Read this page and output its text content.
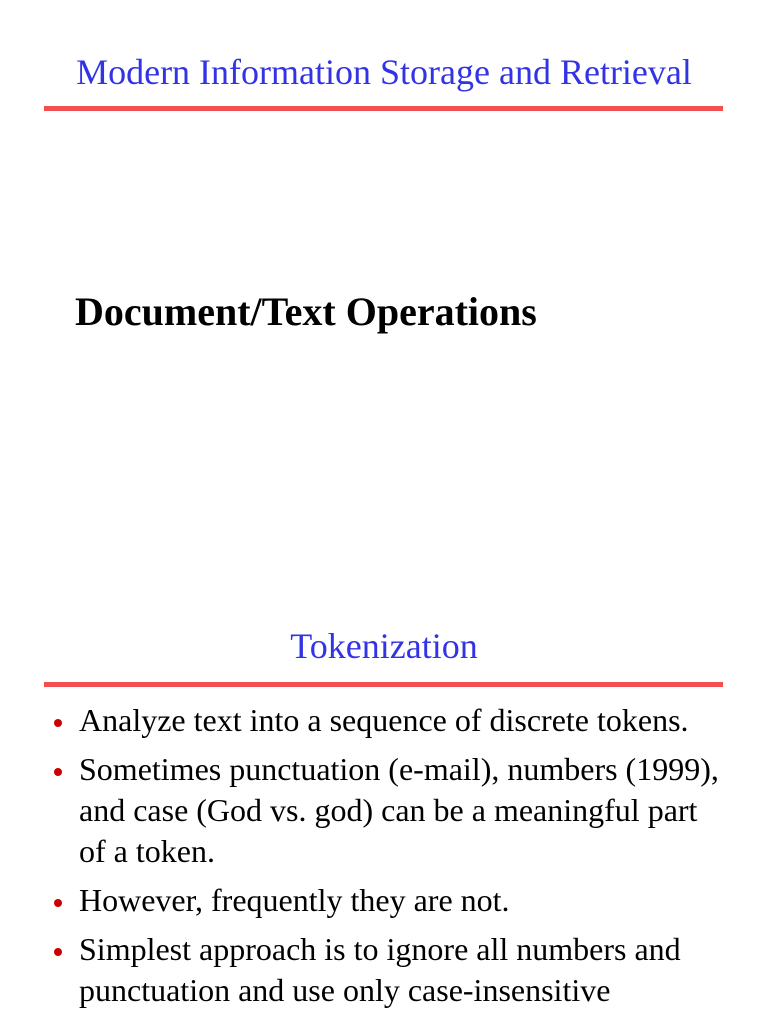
Modern Information Storage and Retrieval
Document/Text Operations
Tokenization
Analyze text into a sequence of discrete tokens.
Sometimes punctuation (e-mail), numbers (1999), and case (God vs. god) can be a meaningful part of a token.
However, frequently they are not.
Simplest approach is to ignore all numbers and punctuation and use only case-insensitive
